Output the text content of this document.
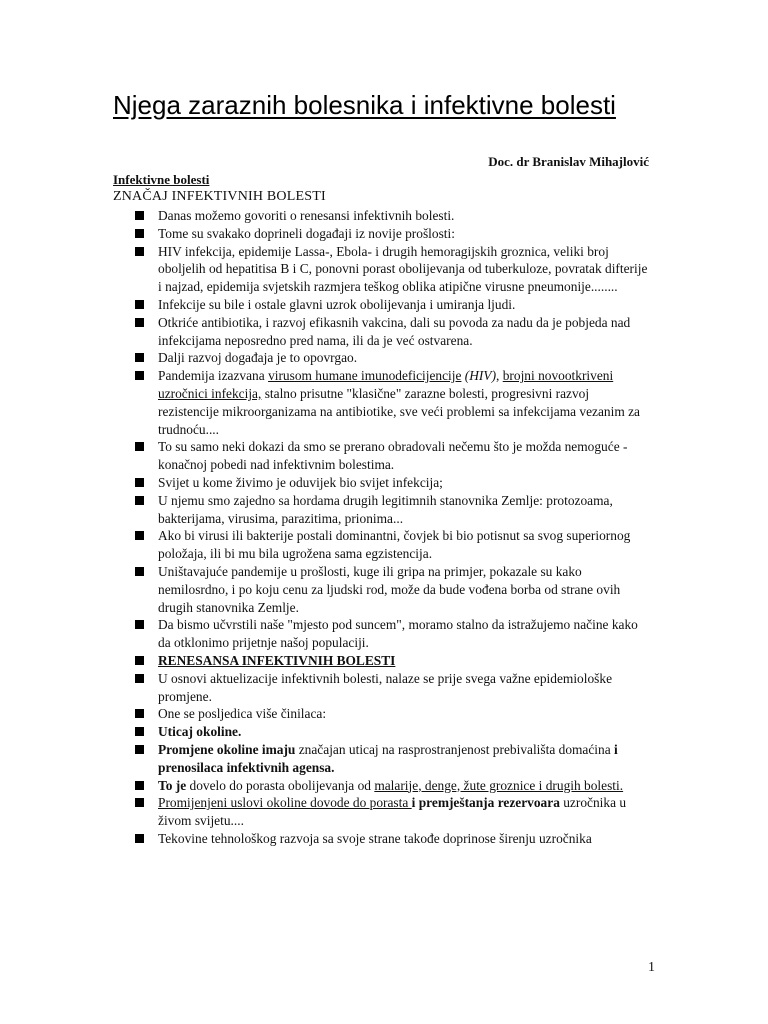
Njega zaraznih bolesnika i infektivne bolesti
Doc. dr Branislav Mihajlović
Infektivne bolesti
ZNAČAJ INFEKTIVNIH BOLESTI
Danas možemo govoriti o renesansi infektivnih bolesti.
Tome su svakako doprineli događaji iz novije prošlosti:
HIV infekcija, epidemije Lassa-, Ebola- i drugih hemoragijskih groznica, veliki broj oboljelih od hepatitisa B i C, ponovni porast obolijevanja od tuberkuloze, povratak difterije i najzad, epidemija svjetskih razmjera teškog oblika atipične virusne pneumonije........
Infekcije su bile i ostale glavni uzrok obolijevanja i umiranja ljudi.
Otkriće antibiotika, i razvoj efikasnih vakcina, dali su povoda za nadu da je pobjeda nad infekcijama neposredno pred nama, ili da je već ostvarena.
Dalji razvoj događaja je to opovrgao.
Pandemija izazvana virusom humane imunodeficijencije (HIV), brojni novootkriveni uzročnici infekcija, stalno prisutne "klasične" zarazne bolesti, progresivni razvoj rezistencije mikroorganizama na antibiotike, sve veći problemi sa infekcijama vezanim za trudnoću....
To su samo neki dokazi da smo se prerano obradovali nečemu što je možda nemoguće - konačnoj pobedi nad infektivnim bolestima.
Svijet u kome živimo je oduvijek bio svijet infekcija;
U njemu smo zajedno sa hordama drugih legitimnih stanovnika Zemlje: protozoama, bakterijama, virusima, parazitima, prionima...
Ako bi virusi ili bakterije postali dominantni, čovjek bi bio potisnut sa svog superiornog položaja, ili bi mu bila ugrožena sama egzistencija.
Uništavajuće pandemije u prošlosti, kuge ili gripa na primjer, pokazale su kako nemilosrdno, i po koju cenu za ljudski rod, može da bude vođena borba od strane ovih drugih stanovnika Zemlje.
Da bismo učvrstili naše "mjesto pod suncem", moramo stalno da istražujemo načine kako da otklonimo prijetnje našoj populaciji.
RENESANSA INFEKTIVNIH BOLESTI
U osnovi aktuelizacije infektivnih bolesti, nalaze se prije svega važne epidemiološke promjene.
One se posljedica više činilaca:
Uticaj okoline.
Promjene okoline imaju značajan uticaj na rasprostranjenost prebivališta domaćina i prenosilaca infektivnih agensa.
To je dovelo do porasta obolijevanja od malarije, denge, žute groznice i drugih bolesti.
Promijenjeni uslovi okoline dovode do porasta i premještanja rezervoara uzročnika u živom svijetu....
Tekovine tehnološkog razvoja sa svoje strane takođe doprinose širenju uzročnika
1
